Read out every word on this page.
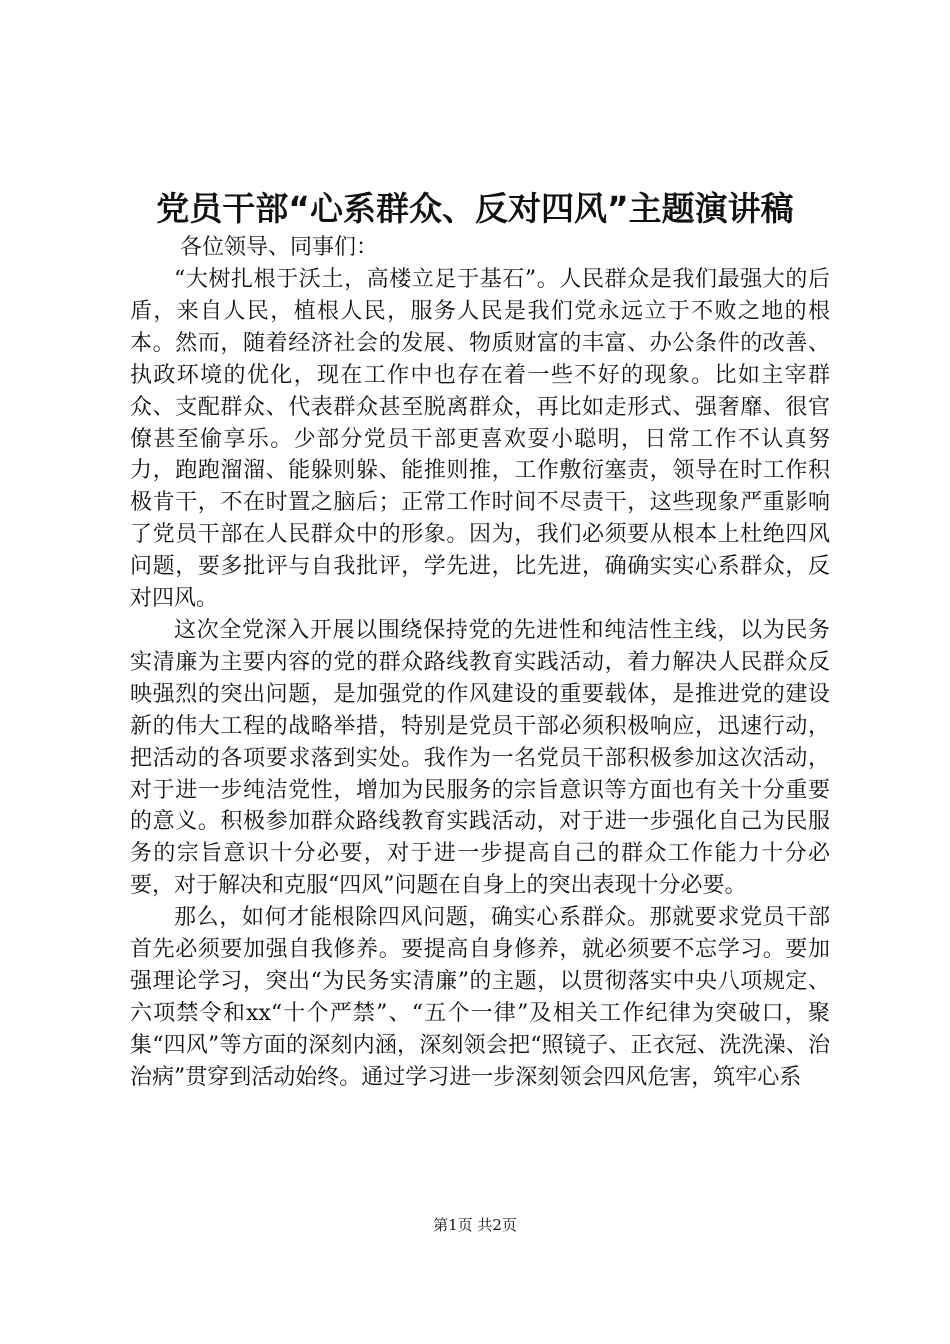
党员干部“心系群众、反对四风”主题演讲稿

各位领导、同事们：

“大树扎根于沃土，高楼立足于基石”。人民群众是我们最强大的后盾，来自人民，植根人民，服务人民是我们党永远立于不败之地的根本。然而，随着经济社会的发展、物质财富的丰富、办公条件的改善、执政环境的优化，现在工作中也存在着一些不好的现象。比如主宰群众、支配群众、代表群众甚至脱离群众，再比如走形式、强奢靡、很官僚甚至偷享乐。少部分党员干部更喜欢耍小聪明，日常工作不认真努力，跑跑溜溜、能躲则躲、能推则推，工作敷衍塞责，领导在时工作积极肯干，不在时置之脑后；正常工作时间不尽责干，这些现象严重影响了党员干部在人民群众中的形象。因为，我们必须要从根本上杜绝四风问题，要多批评与自我批评，学先进，比先进，确确实实心系群众，反对四风。

这次全党深入开展以围绕保持党的先进性和纯洁性主线，以为民务实清廉为主要内容的党的群众路线教育实践活动，着力解决人民群众反映强烈的突出问题，是加强党的作风建设的重要载体，是推进党的建设新的伟大工程的战略举措，特别是党员干部必须积极响应，迅速行动，把活动的各项要求落到实处。我作为一名党员干部积极参加这次活动，对于进一步纯洁党性，增加为民服务的宗旨意识等方面也有关十分重要的意义。积极参加群众路线教育实践活动，对于进一步强化自己为民服务的宗旨意识十分必要，对于进一步提高自己的群众工作能力十分必要，对于解决和克服“四风”问题在自身上的突出表现十分必要。

那么，如何才能根除四风问题，确实心系群众。那就要求党员干部首先必须要加强自我修养。要提高自身修养，就必须要不忘学习。要加强理论学习，突出“为民务实清廉”的主题，以贯彻落实中央八项规定、六项禁令和xx“十个严禁”、“五个一律”及相关工作纪律为突破口，聚集“四风”等方面的深刻内涵，深刻领会把“照镜子、正衣冠、洗洗澡、治治病”贯穿到活动始终。通过学习进一步深刻领会四风危害，筑牢心系

第1页 共2页
